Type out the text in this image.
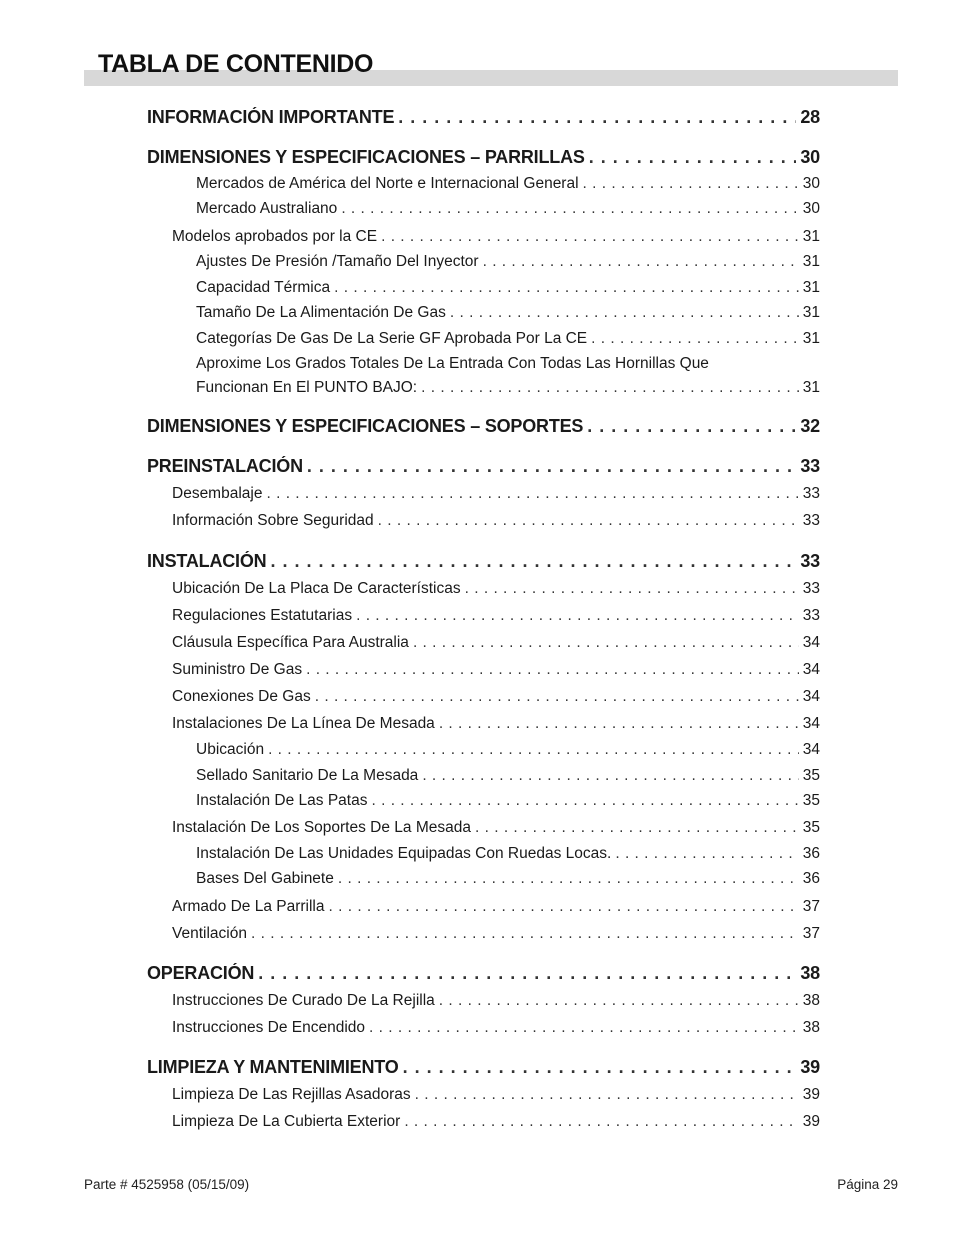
TABLA DE CONTENIDO
INFORMACIÓN IMPORTANTE . . .	28
DIMENSIONES Y ESPECIFICACIONES – PARRILLAS . . .	30
Mercados de América del Norte e Internacional General . . .	30
Mercado Australiano . . .	30
Modelos aprobados por la CE . . .	31
Ajustes De Presión /Tamaño Del Inyector . . .	31
Capacidad Térmica . . .	31
Tamaño De La Alimentación De Gas . . .	31
Categorías De Gas De La Serie GF Aprobada Por La CE . . .	31
Aproxime Los Grados Totales De La Entrada Con Todas Las Hornillas Que
Funcionan En El PUNTO BAJO: . . .	31
DIMENSIONES Y ESPECIFICACIONES – SOPORTES . . .	32
PREINSTALACIÓN . . .	33
Desembalaje . . .	33
Información Sobre Seguridad . . .	33
INSTALACIÓN . . .	33
Ubicación De La Placa De Características . . .	33
Regulaciones Estatutarias . . .	33
Cláusula Específica Para Australia . . .	34
Suministro De Gas . . .	34
Conexiones De Gas . . .	34
Instalaciones De La Línea De Mesada . . .	34
Ubicación . . .	34
Sellado Sanitario De La Mesada . . .	35
Instalación De Las Patas . . .	35
Instalación De Los Soportes De La Mesada . . .	35
Instalación De Las Unidades Equipadas Con Ruedas Locas. . . .	36
Bases Del Gabinete . . .	36
Armado De La Parrilla . . .	37
Ventilación . . .	37
OPERACIÓN . . .	38
Instrucciones De Curado De La Rejilla . . .	38
Instrucciones De Encendido . . .	38
LIMPIEZA Y MANTENIMIENTO . . .	39
Limpieza De Las Rejillas Asadoras . . .	39
Limpieza De La Cubierta Exterior . . .	39
Parte # 4525958 (05/15/09)	Página 29
